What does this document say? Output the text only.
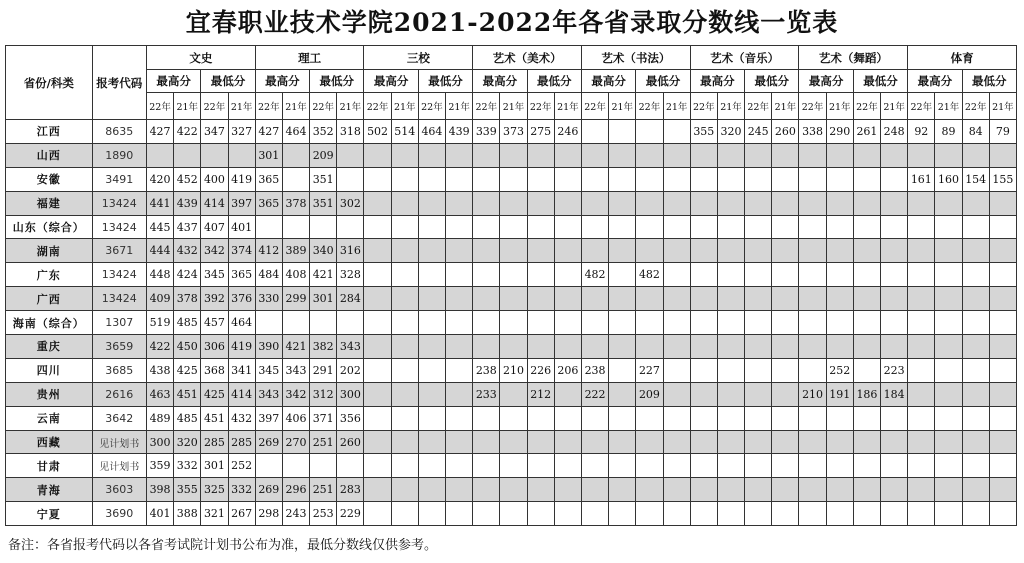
宜春职业技术学院2021-2022年各省录取分数线一览表
省份/科类	报考代码	文史				理工				三校				艺术（美术）				艺术（书法）				艺术（音乐）				艺术（舞蹈）				体育			
		最高分		最低分		最高分		最低分		最高分		最低分		最高分		最低分		最高分		最低分		最高分		最低分		最高分		最低分		最高分		最低分	
		22年	21年	22年	21年	22年	21年	22年	21年	22年	21年	22年	21年	22年	21年	22年	21年	22年	21年	22年	21年	22年	21年	22年	21年	22年	21年	22年	21年	22年	21年	22年	21年
江西	8635	427	422	347	327	427	464	352	318	502	514	464	439	339	373	275	246					355	320	245	260	338	290	261	248	92	89	84	79
山西	1890					301		209																									
安徽	3491	420	452	400	419	365		351																						161	160	154	155
福建	13424	441	439	414	397	365	378	351	302																								
山东（综合）	13424	445	437	407	401																												
湖南	3671	444	432	342	374	412	389	340	316																								
广东	13424	448	424	345	365	484	408	421	328									482		482													
广西	13424	409	378	392	376	330	299	301	284																								
海南（综合）	1307	519	485	457	464																												
重庆	3659	422	450	306	419	390	421	382	343																								
四川	3685	438	425	368	341	345	343	291	202					238	210	226	206	238		227							252		223				
贵州	2616	463	451	425	414	343	342	312	300					233		212		222		209						210	191	186	184				
云南	3642	489	485	451	432	397	406	371	356																								
西藏	见计划书	300	320	285	285	269	270	251	260																								
甘肃	见计划书	359	332	301	252																												
青海	3603	398	355	325	332	269	296	251	283																								
宁夏	3690	401	388	321	267	298	243	253	229																								
备注：各省报考代码以各省考试院计划书公布为准，最低分数线仅供参考。
